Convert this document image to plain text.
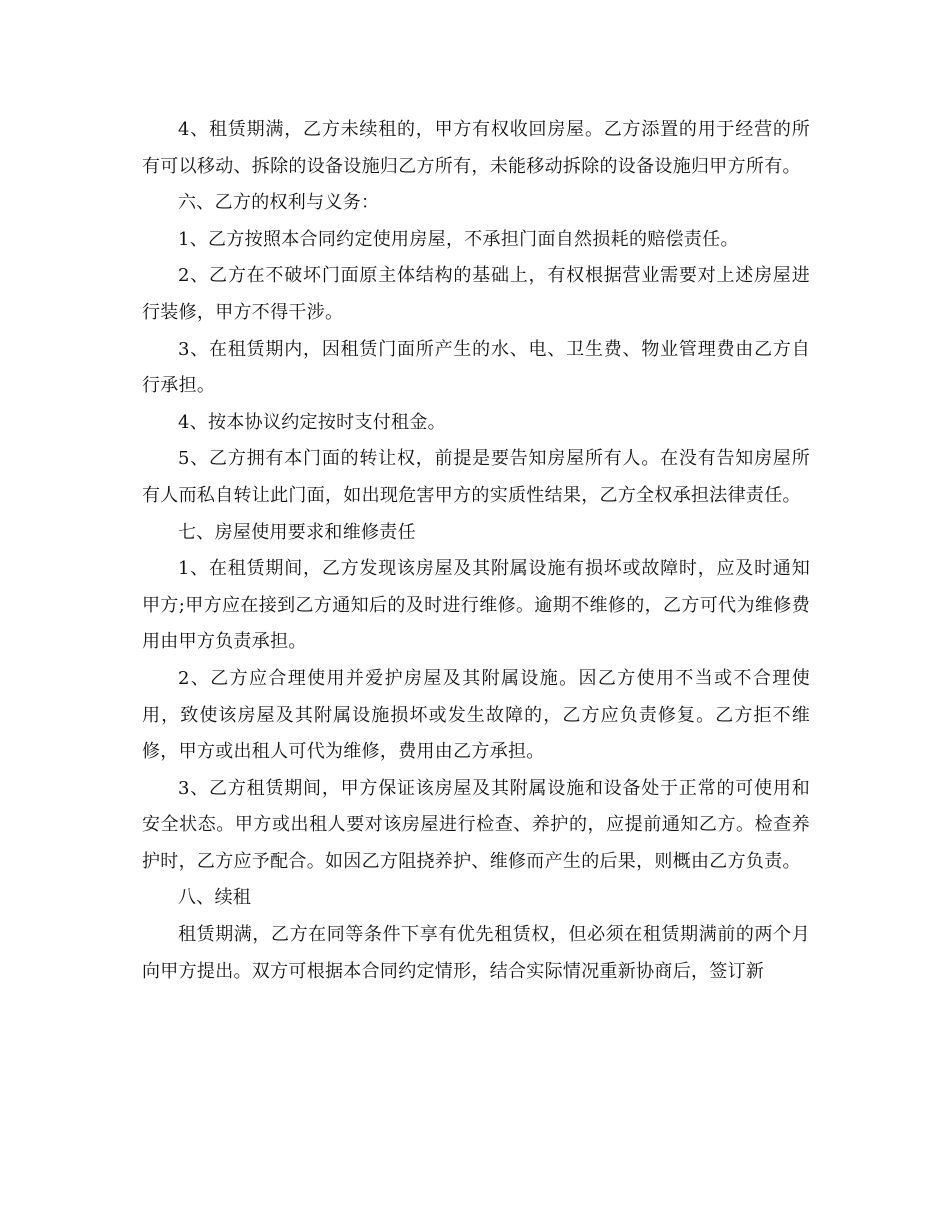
4、租赁期满，乙方未续租的，甲方有权收回房屋。乙方添置的用于经营的所有可以移动、拆除的设备设施归乙方所有，未能移动拆除的设备设施归甲方所有。

六、乙方的权利与义务：

1、乙方按照本合同约定使用房屋，不承担门面自然损耗的赔偿责任。

2、乙方在不破坏门面原主体结构的基础上，有权根据营业需要对上述房屋进行装修，甲方不得干涉。

3、在租赁期内，因租赁门面所产生的水、电、卫生费、物业管理费由乙方自行承担。

4、按本协议约定按时支付租金。

5、乙方拥有本门面的转让权，前提是要告知房屋所有人。在没有告知房屋所有人而私自转让此门面，如出现危害甲方的实质性结果，乙方全权承担法律责任。

七、房屋使用要求和维修责任

1、在租赁期间，乙方发现该房屋及其附属设施有损坏或故障时，应及时通知甲方;甲方应在接到乙方通知后的及时进行维修。逾期不维修的，乙方可代为维修费用由甲方负责承担。

2、乙方应合理使用并爱护房屋及其附属设施。因乙方使用不当或不合理使用，致使该房屋及其附属设施损坏或发生故障的，乙方应负责修复。乙方拒不维修，甲方或出租人可代为维修，费用由乙方承担。

3、乙方租赁期间，甲方保证该房屋及其附属设施和设备处于正常的可使用和安全状态。甲方或出租人要对该房屋进行检查、养护的，应提前通知乙方。检查养护时，乙方应予配合。如因乙方阻挠养护、维修而产生的后果，则概由乙方负责。

八、续租

租赁期满，乙方在同等条件下享有优先租赁权，但必须在租赁期满前的两个月向甲方提出。双方可根据本合同约定情形，结合实际情况重新协商后，签订新
